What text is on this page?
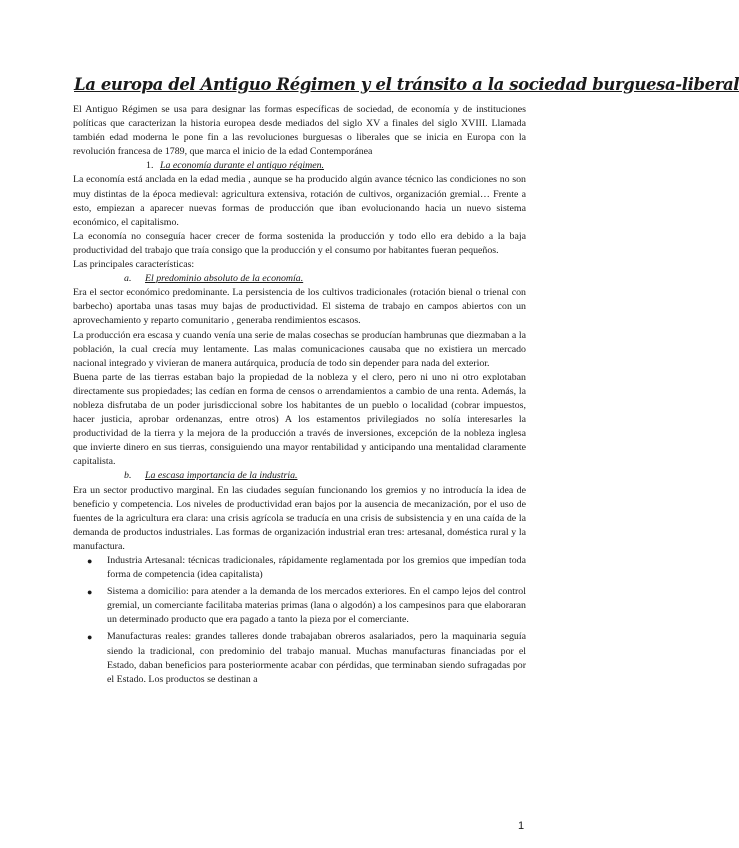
La europa del Antiguo Régimen y el tránsito a la sociedad burguesa-liberal

El Antiguo Régimen se usa para designar las formas específicas de sociedad, de economía y de instituciones políticas que caracterizan la historia europea desde mediados del siglo XV a finales del siglo XVIII. Llamada también edad moderna le pone fin a las revoluciones burguesas o liberales que se inicia en Europa con la revolución francesa de 1789, que marca el inicio de la edad Contemporánea

1. La economía durante el antiguo régimen.

La economía está anclada en la edad media , aunque se ha producido algún avance técnico las condiciones no son muy distintas de la época medieval: agricultura extensiva, rotación de cultivos, organización gremial… Frente a esto, empiezan a aparecer nuevas formas de producción que iban evolucionando hacia un nuevo sistema económico, el capitalismo.

La economía no conseguía hacer crecer de forma sostenida la producción y todo ello era debido a la baja productividad del trabajo que traía consigo que la producción y el consumo por habitantes fueran pequeños.

Las principales características:

a. El predominio absoluto de la economía.

Era el sector económico predominante. La persistencia de los cultivos tradicionales (rotación bienal o trienal con barbecho) aportaba unas tasas muy bajas de productividad. El sistema de trabajo en campos abiertos con un aprovechamiento y reparto comunitario , generaba rendimientos escasos.

La producción era escasa y cuando venía una serie de malas cosechas se producían hambrunas que diezmaban a la población, la cual crecía muy lentamente. Las malas comunicaciones causaba que no existiera un mercado nacional integrado y vivieran de manera autárquica, producía de todo sin depender para nada del exterior.

Buena parte de las tierras estaban bajo la propiedad de la nobleza y el clero, pero ni uno ni otro explotaban directamente sus propiedades; las cedían en forma de censos o arrendamientos a cambio de una renta. Además, la nobleza disfrutaba de un poder jurisdiccional sobre los habitantes de un pueblo o localidad (cobrar impuestos, hacer justicia, aprobar ordenanzas, entre otros) A los estamentos privilegiados no solía interesarles la productividad de la tierra y la mejora de la producción a través de inversiones, excepción de la nobleza inglesa que invierte dinero en sus tierras, consiguiendo una mayor rentabilidad y anticipando una mentalidad claramente capitalista.

b. La escasa importancia de la industria.

Era un sector productivo marginal. En las ciudades seguían funcionando los gremios y no introducía la idea de beneficio y competencia. Los niveles de productividad eran bajos por la ausencia de mecanización, por el uso de fuentes de la agricultura era clara: una crisis agrícola se traducía en una crisis de subsistencia y en una caída de la demanda de productos industriales. Las formas de organización industrial eran tres: artesanal, doméstica rural y la manufactura.

● Industria Artesanal: técnicas tradicionales, rápidamente reglamentada por los gremios que impedían toda forma de competencia (idea capitalista)
● Sistema a domicilio: para atender a la demanda de los mercados exteriores. En el campo lejos del control gremial, un comerciante facilitaba materias primas (lana o algodón) a los campesinos para que elaboraran un determinado producto que era pagado a tanto la pieza por el comerciante.
● Manufacturas reales: grandes talleres donde trabajaban obreros asalariados, pero la maquinaria seguía siendo la tradicional, con predominio del trabajo manual. Muchas manufacturas financiadas por el Estado, daban beneficios para posteriormente acabar con pérdidas, que terminaban siendo sufragadas por el Estado. Los productos se destinan a
1
